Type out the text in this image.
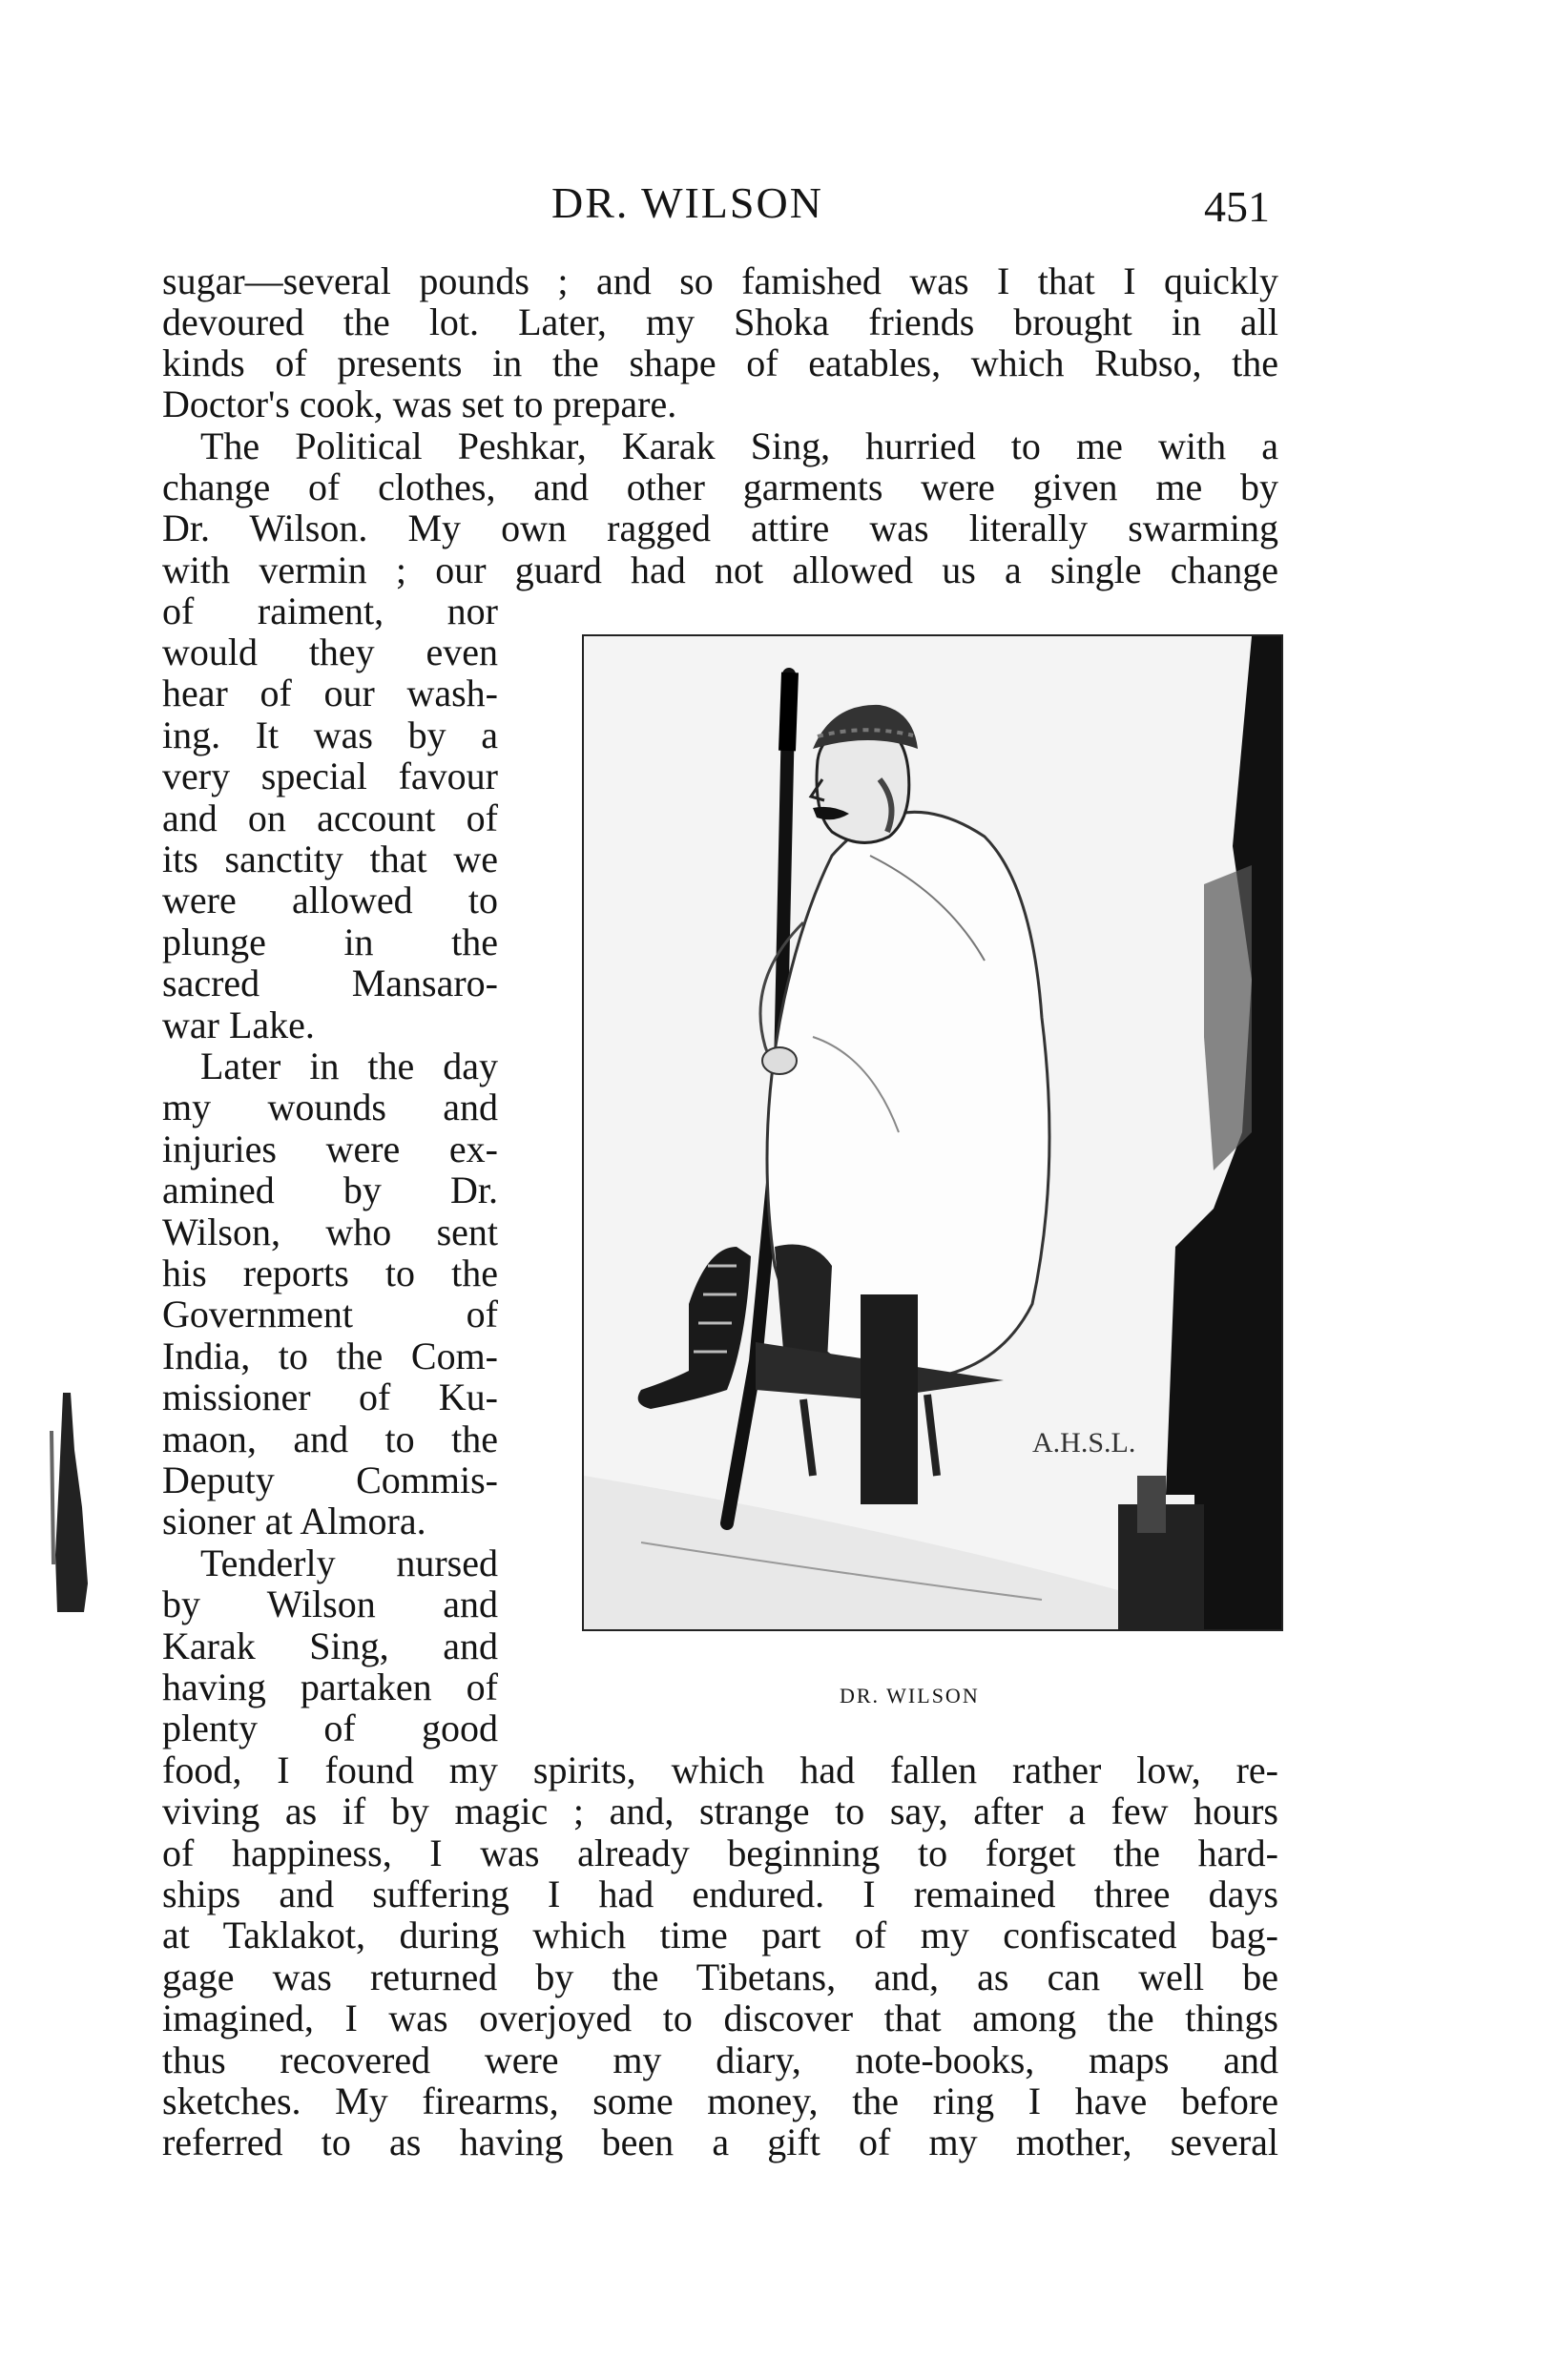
DR. WILSON	451
sugar—several pounds ; and so famished was I that I quickly
devoured the lot. Later, my Shoka friends brought in all
kinds of presents in the shape of eatables, which Rubso, the
Doctor's cook, was set to prepare.
The Political Peshkar, Karak Sing, hurried to me with a
change of clothes, and other garments were given me by
Dr. Wilson. My own ragged attire was literally swarming
with vermin ; our guard had not allowed us a single change
of raiment, nor
would they even
hear of our wash-
ing. It was by a
very special favour
and on account of
its sanctity that we
were allowed to
plunge in the
sacred Mansaro-
war Lake.
Later in the day
my wounds and
injuries were ex-
amined by Dr.
Wilson, who sent
his reports to the
Government of
India, to the Com-
missioner of Ku-
maon, and to the
Deputy Commis-
sioner at Almora.
Tenderly nursed
by Wilson and
Karak Sing, and
having partaken of
plenty of good
food, I found my spirits, which had fallen rather low, re-
viving as if by magic ; and, strange to say, after a few hours
of happiness, I was already beginning to forget the hard-
ships and suffering I had endured. I remained three days
at Taklakot, during which time part of my confiscated bag-
gage was returned by the Tibetans, and, as can well be
imagined, I was overjoyed to discover that among the things
thus recovered were my diary, note-books, maps and
sketches. My firearms, some money, the ring I have before
referred to as having been a gift of my mother, several
A.H.S.L.
DR. WILSON
